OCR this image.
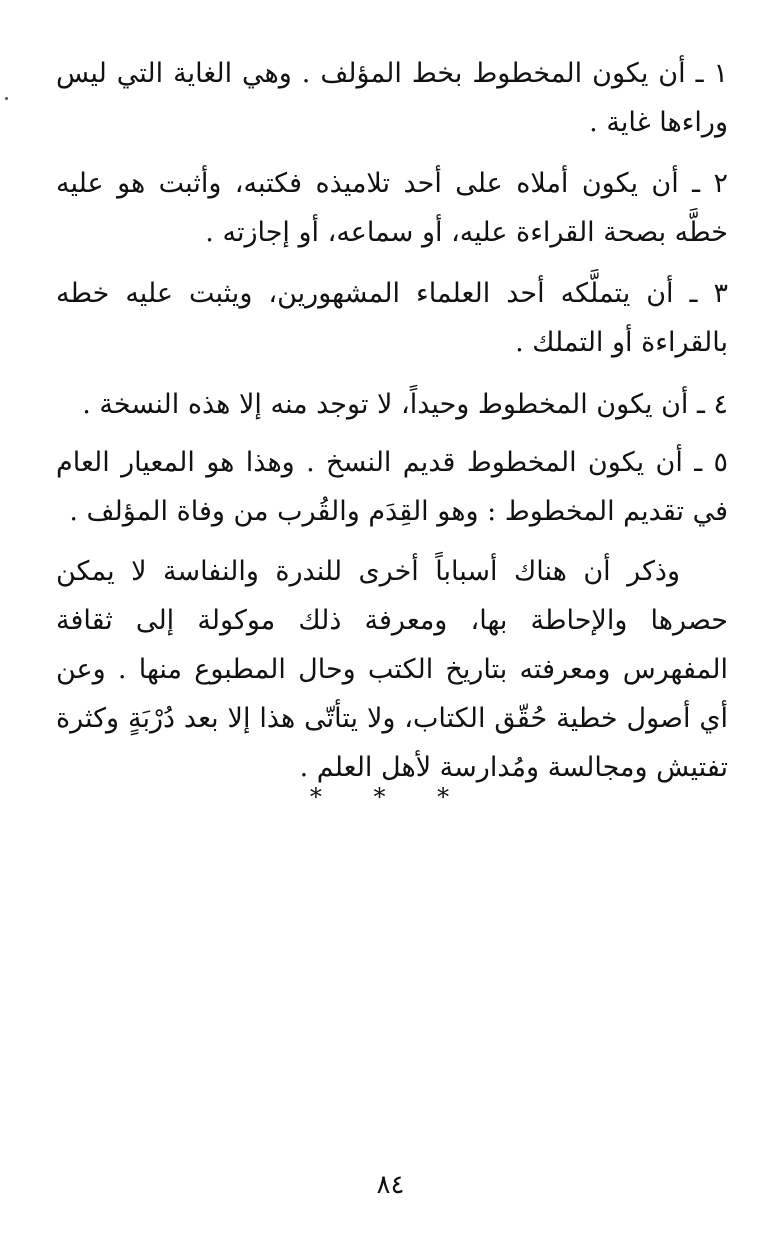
١ ـ أن يكون المخطوط بخط المؤلف . وهي الغاية التي ليس وراءها غاية .

٢ ـ أن يكون أملاه على أحد تلاميذه فكتبه، وأثبت هو عليه خطَّه بصحة القراءة عليه، أو سماعه، أو إجازته .

٣ ـ أن يتملَّكه أحد العلماء المشهورين، ويثبت عليه خطه بالقراءة أو التملك .

٤ ـ أن يكون المخطوط وحيداً، لا توجد منه إلا هذه النسخة .

٥ ـ أن يكون المخطوط قديم النسخ . وهذا هو المعيار العام في تقديم المخطوط : وهو القِدَم والقُرب من وفاة المؤلف .

وذكر أن هناك أسباباً أخرى للندرة والنفاسة لا يمكن حصرها والإحاطة بها، ومعرفة ذلك موكولة إلى ثقافة المفهرس ومعرفته بتاريخ الكتب وحال المطبوع منها . وعن أي أصول خطية حُقّق الكتاب، ولا يتأتّى هذا إلا بعد دُرْبَةٍ وكثرة تفتيش ومجالسة ومُدارسة لأهل العلم .

* * *
٨٤
